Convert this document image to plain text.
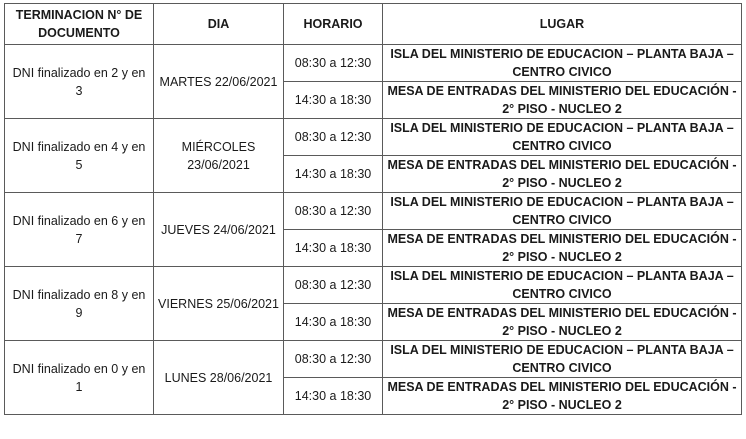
TERMINACION N° DE DOCUMENTO	DIA	HORARIO	LUGAR
DNI finalizado en 2 y en 3	MARTES 22/06/2021	08:30 a 12:30	ISLA DEL MINISTERIO DE EDUCACION – PLANTA BAJA – CENTRO CIVICO
		14:30 a 18:30	MESA DE ENTRADAS DEL MINISTERIO DEL EDUCACIÓN - 2° PISO - NUCLEO 2
DNI finalizado en 4 y en 5	MIÉRCOLES 23/06/2021	08:30 a 12:30	ISLA DEL MINISTERIO DE EDUCACION – PLANTA BAJA – CENTRO CIVICO
		14:30 a 18:30	MESA DE ENTRADAS DEL MINISTERIO DEL EDUCACIÓN - 2° PISO - NUCLEO 2
DNI finalizado en 6 y en 7	JUEVES 24/06/2021	08:30 a 12:30	ISLA DEL MINISTERIO DE EDUCACION – PLANTA BAJA – CENTRO CIVICO
		14:30 a 18:30	MESA DE ENTRADAS DEL MINISTERIO DEL EDUCACIÓN - 2° PISO - NUCLEO 2
DNI finalizado en 8 y en 9	VIERNES 25/06/2021	08:30 a 12:30	ISLA DEL MINISTERIO DE EDUCACION – PLANTA BAJA – CENTRO CIVICO
		14:30 a 18:30	MESA DE ENTRADAS DEL MINISTERIO DEL EDUCACIÓN - 2° PISO - NUCLEO 2
DNI finalizado en 0 y en 1	LUNES 28/06/2021	08:30 a 12:30	ISLA DEL MINISTERIO DE EDUCACION – PLANTA BAJA – CENTRO CIVICO
		14:30 a 18:30	MESA DE ENTRADAS DEL MINISTERIO DEL EDUCACIÓN - 2° PISO - NUCLEO 2
